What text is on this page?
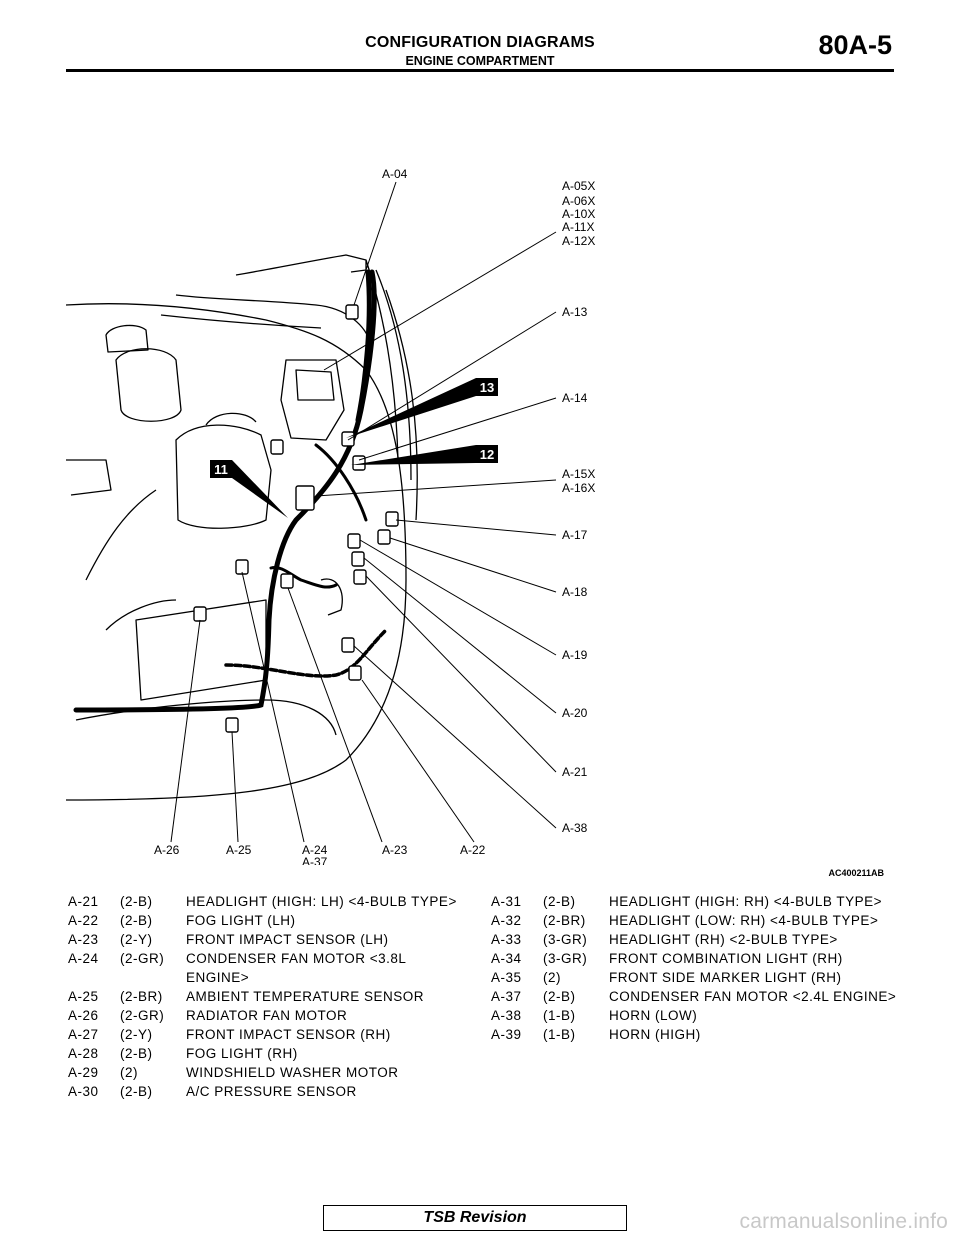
CONFIGURATION DIAGRAMS
ENGINE COMPARTMENT
80A-5
13
12
11
A-04
A-05X
A-06X
A-10X
A-11X
A-12X
A-13
A-14
A-15X
A-16X
A-17
A-18
A-19
A-20
A-21
A-38
A-26	A-25	A-24
A-37
A-23	A-22
AC400211AB
A-21	(2-B)	HEADLIGHT (HIGH: LH) <4-BULB TYPE>
A-22	(2-B)	FOG LIGHT (LH)
A-23	(2-Y)	FRONT IMPACT SENSOR (LH)
A-24	(2-GR)	CONDENSER FAN MOTOR <3.8L ENGINE>
A-25	(2-BR)	AMBIENT TEMPERATURE SENSOR
A-26	(2-GR)	RADIATOR FAN MOTOR
A-27	(2-Y)	FRONT IMPACT SENSOR (RH)
A-28	(2-B)	FOG LIGHT (RH)
A-29	(2)	WINDSHIELD WASHER MOTOR
A-30	(2-B)	A/C PRESSURE SENSOR
A-31	(2-B)	HEADLIGHT (HIGH: RH) <4-BULB TYPE>
A-32	(2-BR)	HEADLIGHT (LOW: RH) <4-BULB TYPE>
A-33	(3-GR)	HEADLIGHT (RH) <2-BULB TYPE>
A-34	(3-GR)	FRONT COMBINATION LIGHT (RH)
A-35	(2)	FRONT SIDE MARKER LIGHT (RH)
A-37	(2-B)	CONDENSER FAN MOTOR <2.4L ENGINE>
A-38	(1-B)	HORN (LOW)
A-39	(1-B)	HORN (HIGH)
TSB Revision	carmanualsonline.info
